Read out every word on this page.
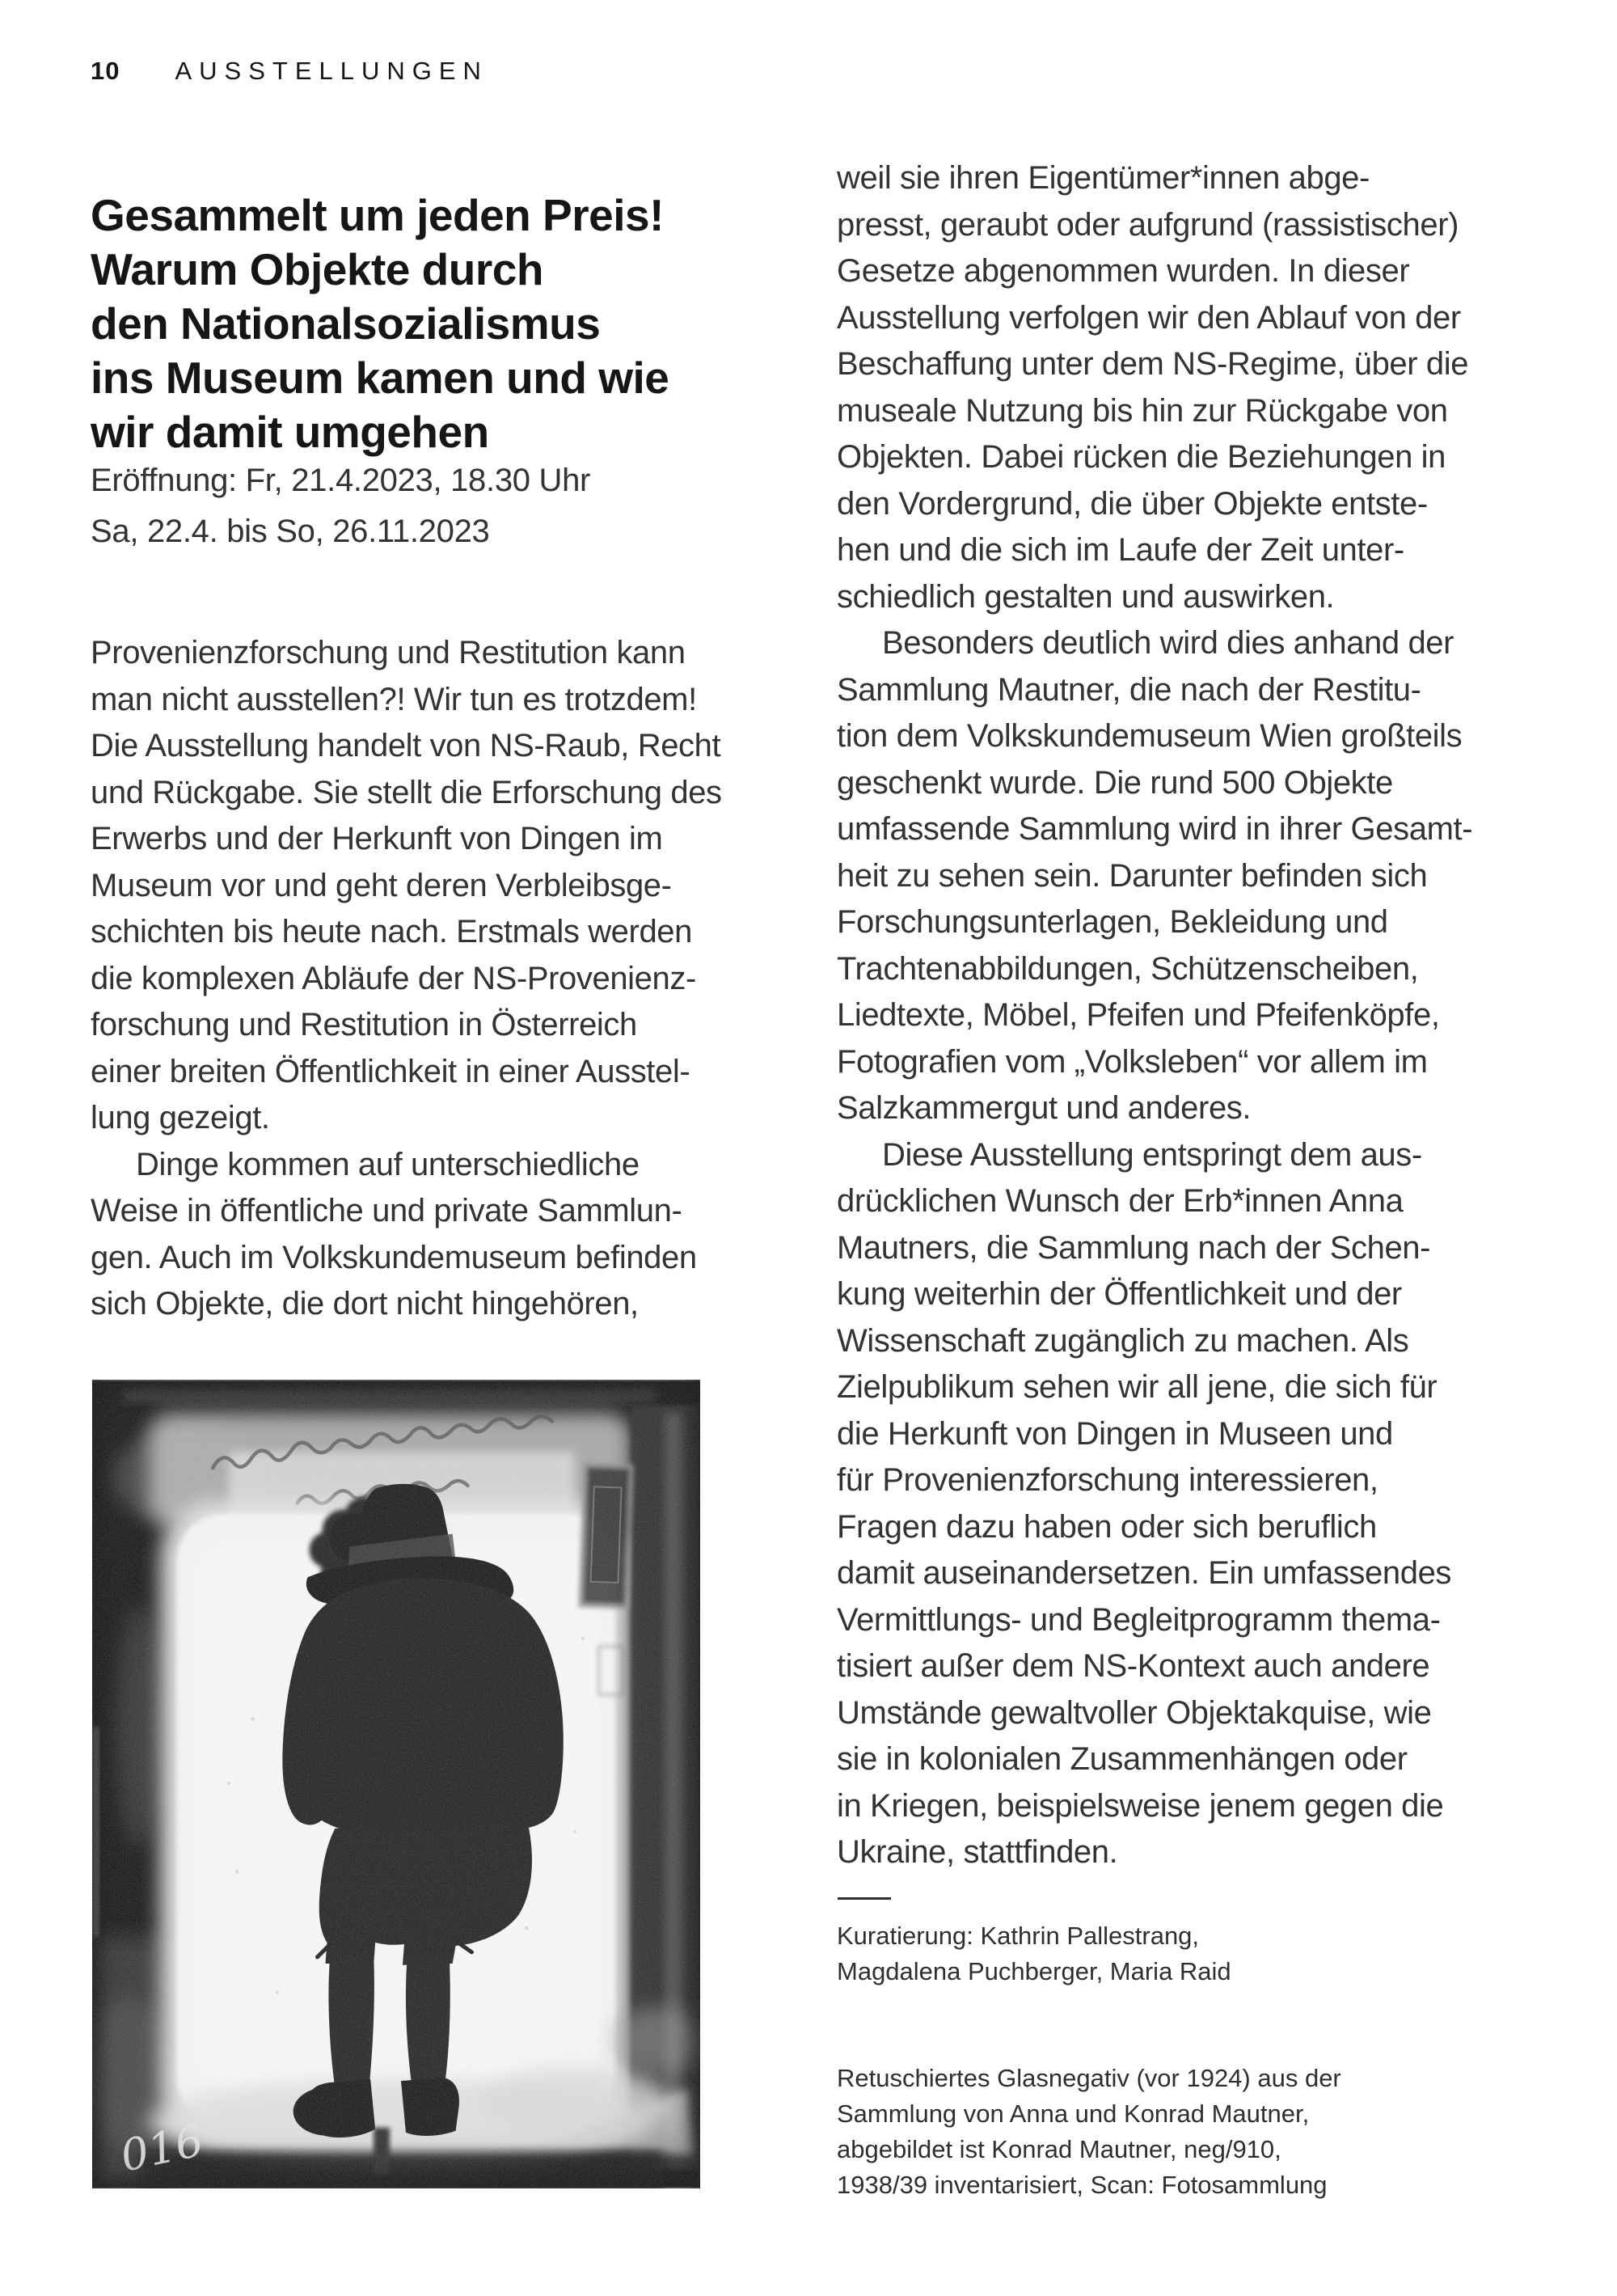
10 AUSSTELLUNGEN
Gesammelt um jeden Preis!
Warum Objekte durch
den Nationalsozialismus
ins Museum kamen und wie
wir damit umgehen
Eröffnung: Fr, 21.4.2023, 18.30 Uhr
Sa, 22.4. bis So, 26.11.2023
Provenienzforschung und Restitution kann
man nicht ausstellen?! Wir tun es trotzdem!
Die Ausstellung handelt von NS-Raub, Recht
und Rückgabe. Sie stellt die Erforschung des
Erwerbs und der Herkunft von Dingen im
Museum vor und geht deren Verbleibsge-
schichten bis heute nach. Erstmals werden
die komplexen Abläufe der NS-Provenienz-
forschung und Restitution in Österreich
einer breiten Öffentlichkeit in einer Ausstel-
lung gezeigt.
Dinge kommen auf unterschiedliche
Weise in öffentliche und private Sammlun-
gen. Auch im Volkskundemuseum befinden
sich Objekte, die dort nicht hingehören,
weil sie ihren Eigentümer*innen abge-
presst, geraubt oder aufgrund (rassistischer)
Gesetze abgenommen wurden. In dieser
Ausstellung verfolgen wir den Ablauf von der
Beschaffung unter dem NS-Regime, über die
museale Nutzung bis hin zur Rückgabe von
Objekten. Dabei rücken die Beziehungen in
den Vordergrund, die über Objekte entste-
hen und die sich im Laufe der Zeit unter-
schiedlich gestalten und auswirken.
Besonders deutlich wird dies anhand der
Sammlung Mautner, die nach der Restitu-
tion dem Volkskundemuseum Wien großteils
geschenkt wurde. Die rund 500 Objekte
umfassende Sammlung wird in ihrer Gesamt-
heit zu sehen sein. Darunter befinden sich
Forschungsunterlagen, Bekleidung und
Trachtenabbildungen, Schützenscheiben,
Liedtexte, Möbel, Pfeifen und Pfeifenköpfe,
Fotografien vom „Volksleben“ vor allem im
Salzkammergut und anderes.
Diese Ausstellung entspringt dem aus-
drücklichen Wunsch der Erb*innen Anna
Mautners, die Sammlung nach der Schen-
kung weiterhin der Öffentlichkeit und der
Wissenschaft zugänglich zu machen. Als
Zielpublikum sehen wir all jene, die sich für
die Herkunft von Dingen in Museen und
für Provenienzforschung interessieren,
Fragen dazu haben oder sich beruflich
damit auseinandersetzen. Ein umfassendes
Vermittlungs- und Begleitprogramm thema-
tisiert außer dem NS-Kontext auch andere
Umstände gewaltvoller Objektakquise, wie
sie in kolonialen Zusammenhängen oder
in Kriegen, beispielsweise jenem gegen die
Ukraine, stattfinden.
Kuratierung: Kathrin Pallestrang,
Magdalena Puchberger, Maria Raid
Retuschiertes Glasnegativ (vor 1924) aus der
Sammlung von Anna und Konrad Mautner,
abgebildet ist Konrad Mautner, neg/910,
1938/39 inventarisiert, Scan: Fotosammlung
016
